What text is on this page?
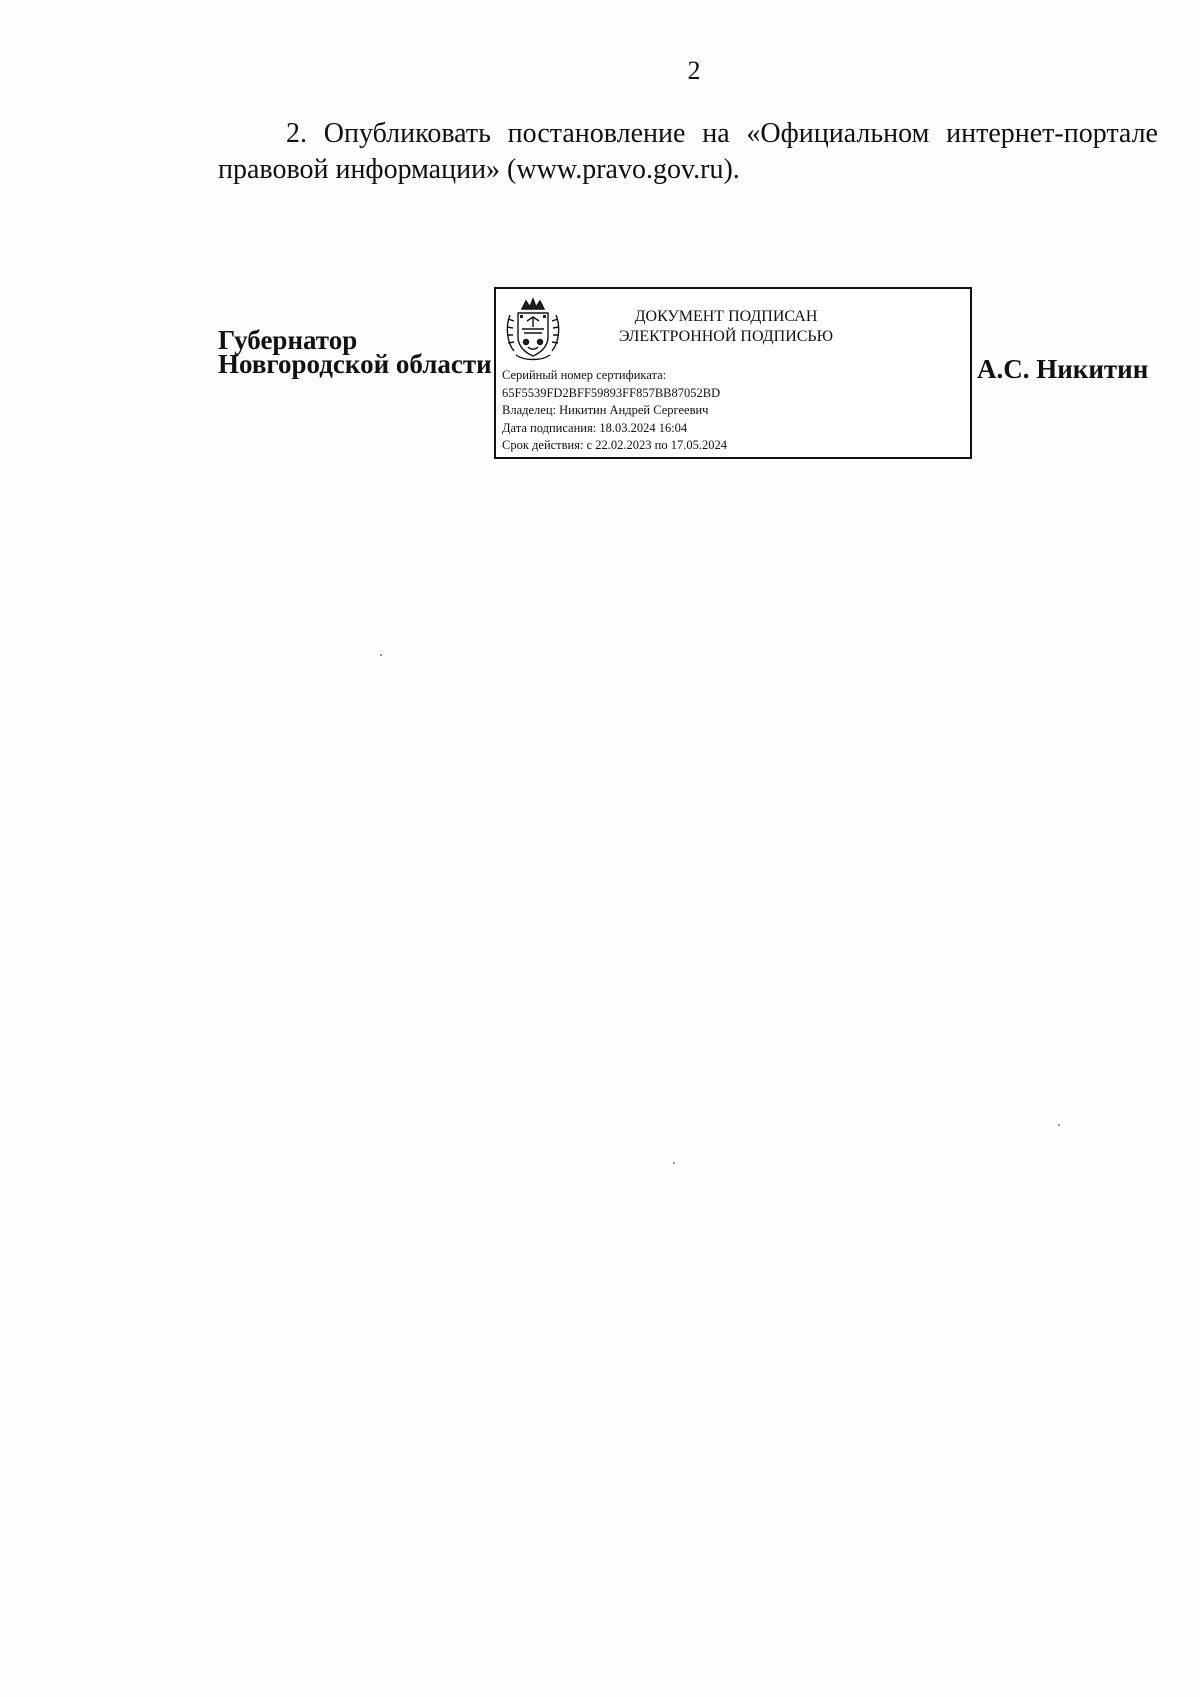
2
2. Опубликовать постановление на «Официальном интернет-портале
правовой информации» (www.pravo.gov.ru).
Губернатор
Новгородской области
ДОКУМЕНТ ПОДПИСАН
ЭЛЕКТРОННОЙ ПОДПИСЬЮ
Серийный номер сертификата:
65F5539FD2BFF59893FF857BB87052BD
Владелец: Никитин Андрей Сергеевич
Дата подписания: 18.03.2024 16:04
Срок действия: с 22.02.2023 по 17.05.2024
А.С. Никитин
